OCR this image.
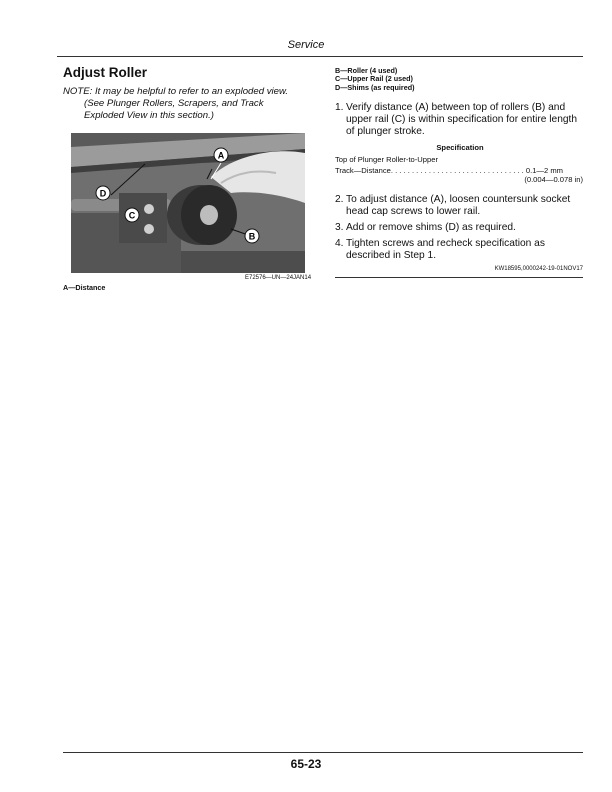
Service
Adjust Roller
NOTE: It may be helpful to refer to an exploded view.
(See Plunger Rollers, Scrapers, and Track
Exploded View in this section.)
A
B
C
D
E72576—UN—24JAN14
A—Distance
B—Roller (4 used)
C—Upper Rail (2 used)
D—Shims (as required)
1. Verify distance (A) between top of rollers (B) and upper rail (C) is within specification for entire length of plunger stroke.
Specification
Top of Plunger Roller-to-Upper
Track—Distance. . . . . . . . . . . . . . . . . . . . . . . . . . . . . . . . 0.1—2 mm
(0.004—0.078 in)
2. To adjust distance (A), loosen countersunk socket head cap screws to lower rail.
3. Add or remove shims (D) as required.
4. Tighten screws and recheck specification as described in Step 1.
KW18595,0000242-19-01NOV17
65-23
